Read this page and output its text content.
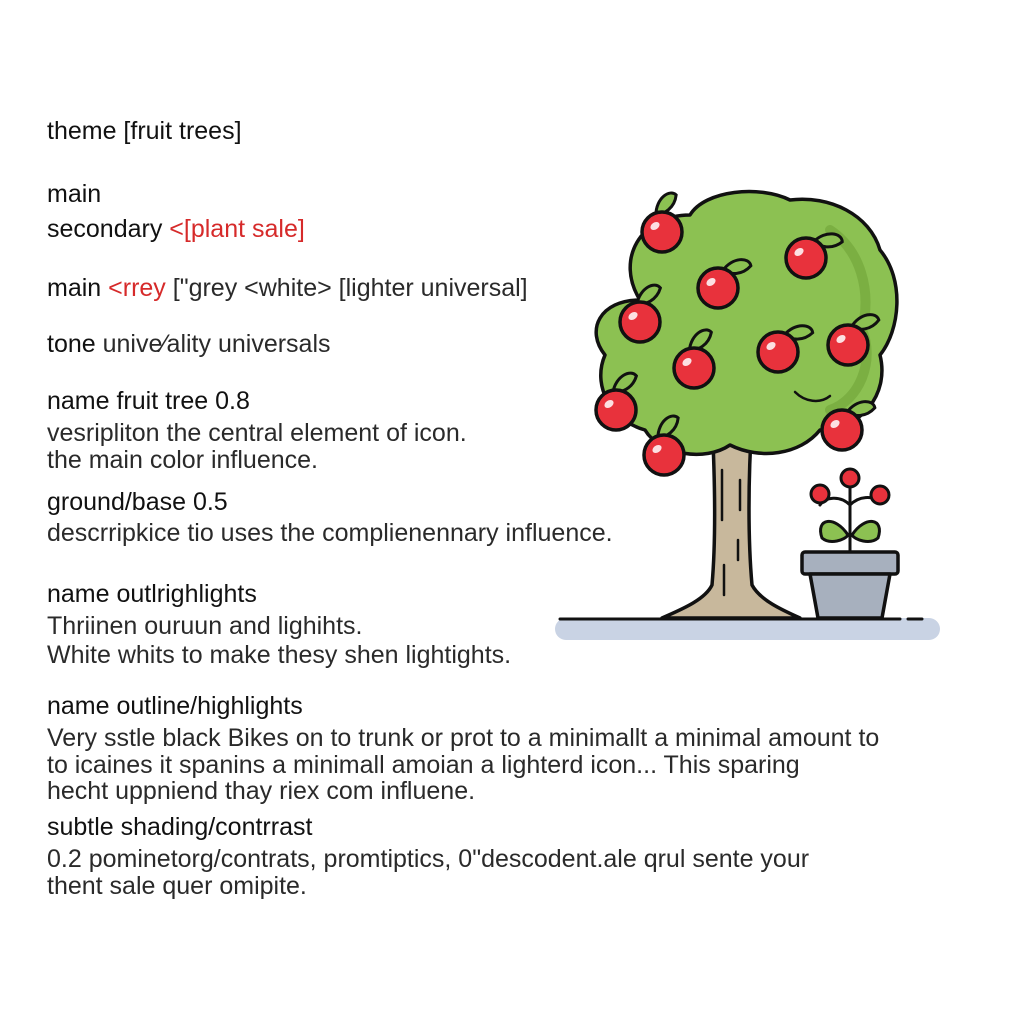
theme [fruit trees]
main
secondary <[plant sale]
main <rrey ["grey <white> [lighter universal]
tone unive⁄ality universals
name fruit tree 0.8
vesripliton the central element of icon.
the main color influence.
ground/base 0.5
descrripkice tio uses the complienennary influence.
name outlrighlights
Thriinen ouruun and lighihts.
White whits to make thesy shen lightights.
name outline/highlights
Very sstle black Bikes on to trunk or prot to a minimallt a minimal amount to
to icaines it spanins a minimall amoian a lighterd icon... This sparing
hecht uppniend thay riex com influene.
subtle shading/contrrast
0.2 pominetorg/contrats, promtiptics, 0"descodent.ale qrul sente your
thent sale quer omipite.
